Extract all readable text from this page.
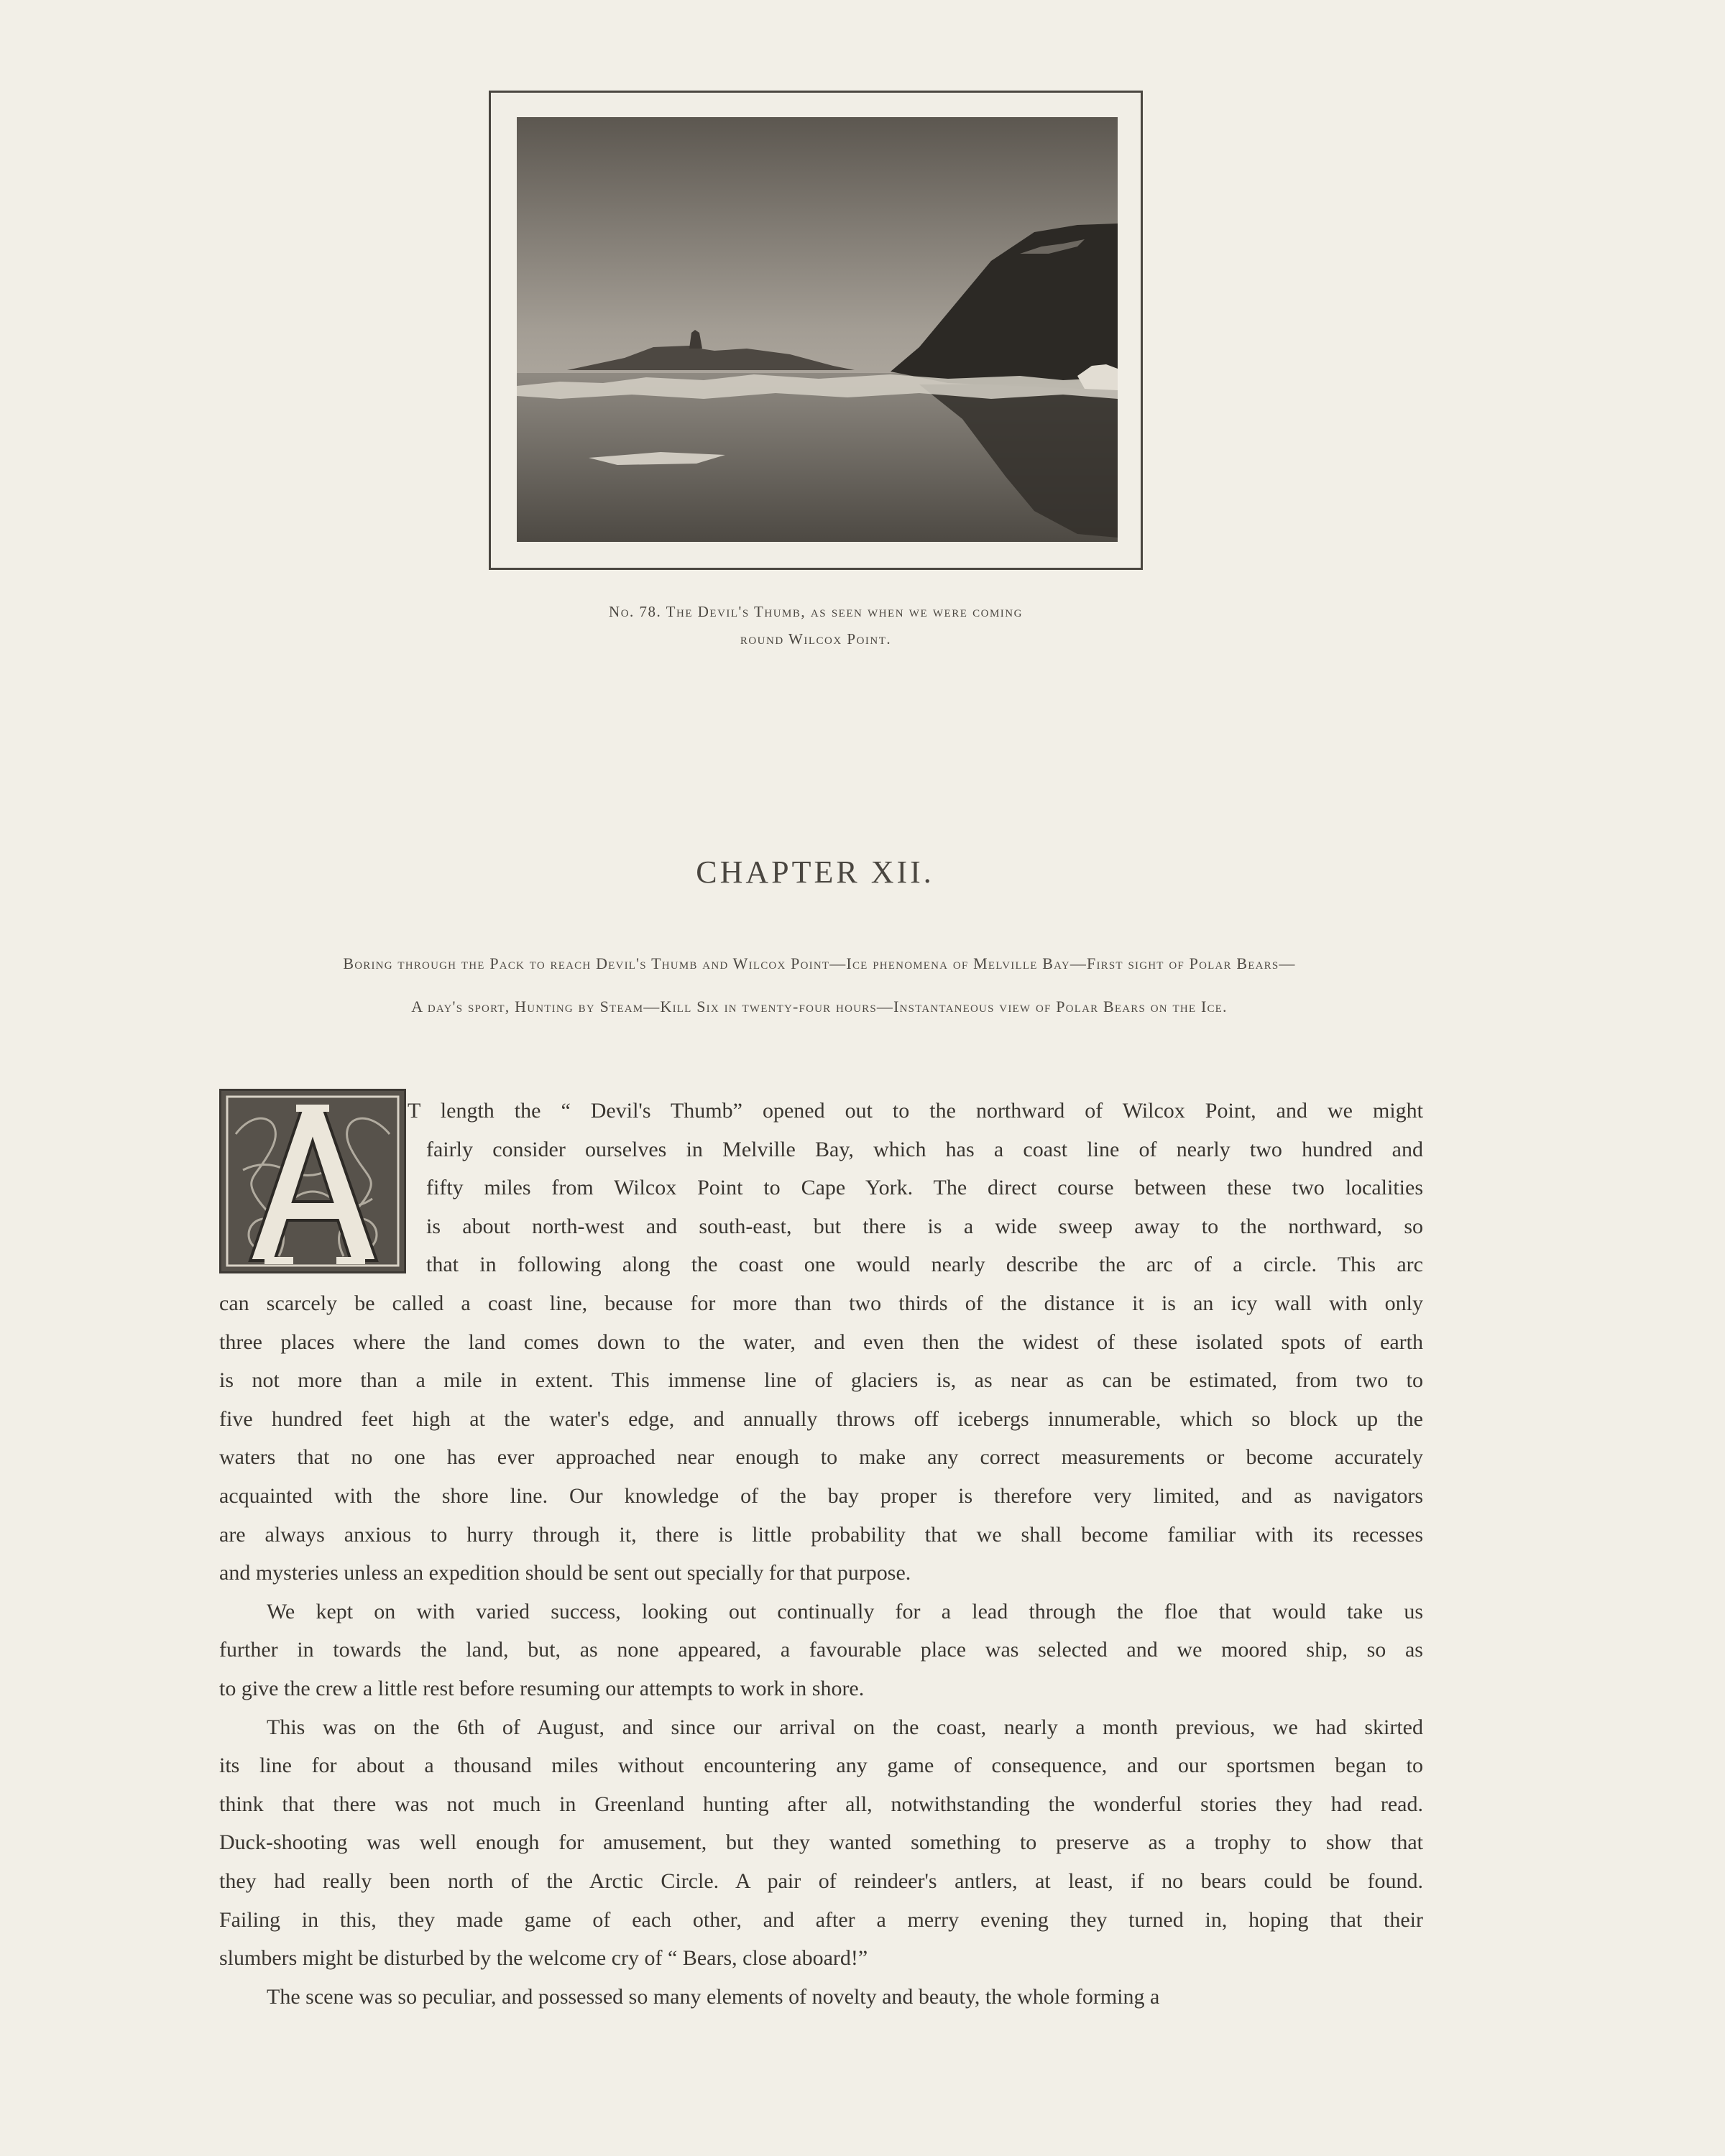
No. 78. The Devil's Thumb, as seen when we were coming
round Wilcox Point.
CHAPTER XII.
Boring through the Pack to reach Devil's Thumb and Wilcox Point—Ice phenomena of Melville Bay—First sight of Polar Bears—
A day's sport, Hunting by Steam—Kill Six in twenty-four hours—Instantaneous view of Polar Bears on the Ice.
T length the “ Devil's Thumb” opened out to the northward of Wilcox Point, and we might
fairly consider ourselves in Melville Bay, which has a coast line of nearly two hundred and
fifty miles from Wilcox Point to Cape York. The direct course between these two localities
is about north-west and south-east, but there is a wide sweep away to the northward, so
that in following along the coast one would nearly describe the arc of a circle. This arc
can scarcely be called a coast line, because for more than two thirds of the distance it is an icy wall with only
three places where the land comes down to the water, and even then the widest of these isolated spots of earth
is not more than a mile in extent. This immense line of glaciers is, as near as can be estimated, from two to
five hundred feet high at the water's edge, and annually throws off icebergs innumerable, which so block up the
waters that no one has ever approached near enough to make any correct measurements or become accurately
acquainted with the shore line. Our knowledge of the bay proper is therefore very limited, and as navigators
are always anxious to hurry through it, there is little probability that we shall become familiar with its recesses
and mysteries unless an expedition should be sent out specially for that purpose.
We kept on with varied success, looking out continually for a lead through the floe that would take us
further in towards the land, but, as none appeared, a favourable place was selected and we moored ship, so as
to give the crew a little rest before resuming our attempts to work in shore.
This was on the 6th of August, and since our arrival on the coast, nearly a month previous, we had skirted
its line for about a thousand miles without encountering any game of consequence, and our sportsmen began to
think that there was not much in Greenland hunting after all, notwithstanding the wonderful stories they had read.
Duck-shooting was well enough for amusement, but they wanted something to preserve as a trophy to show that
they had really been north of the Arctic Circle. A pair of reindeer's antlers, at least, if no bears could be found.
Failing in this, they made game of each other, and after a merry evening they turned in, hoping that their
slumbers might be disturbed by the welcome cry of “ Bears, close aboard!”
The scene was so peculiar, and possessed so many elements of novelty and beauty, the whole forming a
